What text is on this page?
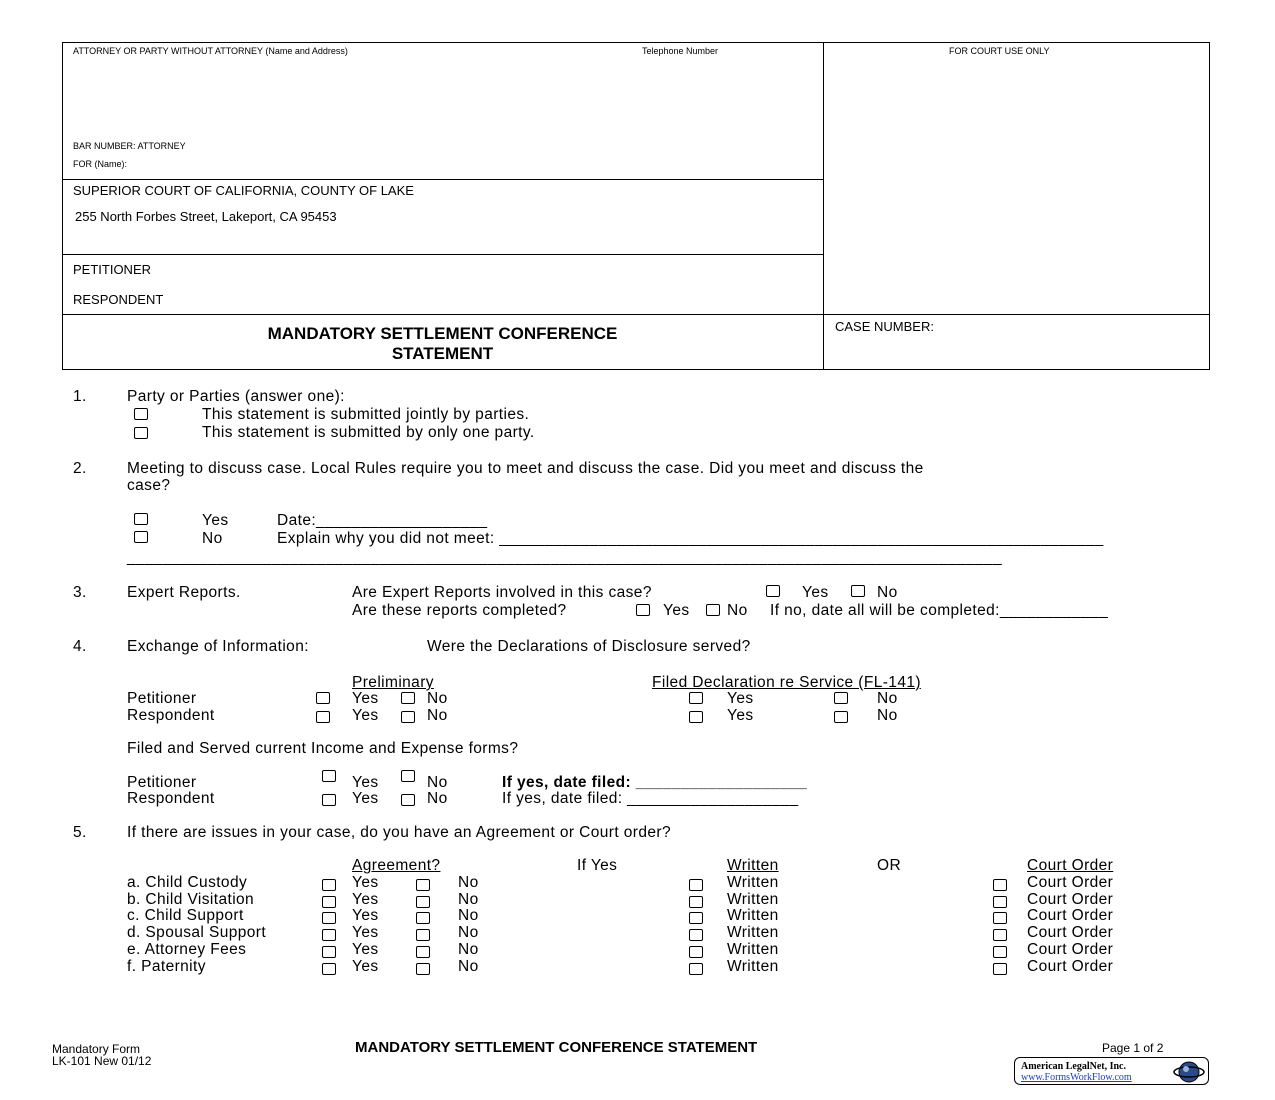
ATTORNEY OR PARTY WITHOUT ATTORNEY (Name and Address)	Telephone Number	FOR COURT USE ONLY
BAR NUMBER: ATTORNEY
FOR (Name):
SUPERIOR COURT OF CALIFORNIA, COUNTY OF LAKE
255 North Forbes Street, Lakeport, CA 95453
PETITIONER
RESPONDENT
MANDATORY SETTLEMENT CONFERENCE
STATEMENT
CASE NUMBER:
1.	Party or Parties (answer one):
This statement is submitted jointly by parties.
This statement is submitted by only one party.
2.	Meeting to discuss case. Local Rules require you to meet and discuss the case. Did you meet and discuss the
case?
Yes	Date:___________________
No	Explain why you did not meet: ___________________________________________________________________
_________________________________________________________________________________________________
3.	Expert Reports.	Are Expert Reports involved in this case?	Yes	No
Are these reports completed?	Yes No If no, date all will be completed:____________
4.	Exchange of Information:	Were the Declarations of Disclosure served?
Preliminary	Filed Declaration re Service (FL-141)
Petitioner	Yes	No	Yes	No
Respondent	Yes	No	Yes	No
Filed and Served current Income and Expense forms?
Petitioner	Yes	No	If yes, date filed: ___________________
Respondent	Yes	No	If yes, date filed: ___________________
5.	If there are issues in your case, do you have an Agreement or Court order?
Agreement?	If Yes	Written	OR	Court Order
a. Child Custody	Yes	No	Written	Court Order
b. Child Visitation	Yes	No	Written	Court Order
c. Child Support	Yes	No	Written	Court Order
d. Spousal Support	Yes	No	Written	Court Order
e. Attorney Fees	Yes	No	Written	Court Order
f. Paternity	Yes	No	Written	Court Order
Mandatory Form
LK-101 New 01/12
MANDATORY SETTLEMENT CONFERENCE STATEMENT	Page 1 of 2
American LegalNet, Inc.
www.FormsWorkFlow.com
